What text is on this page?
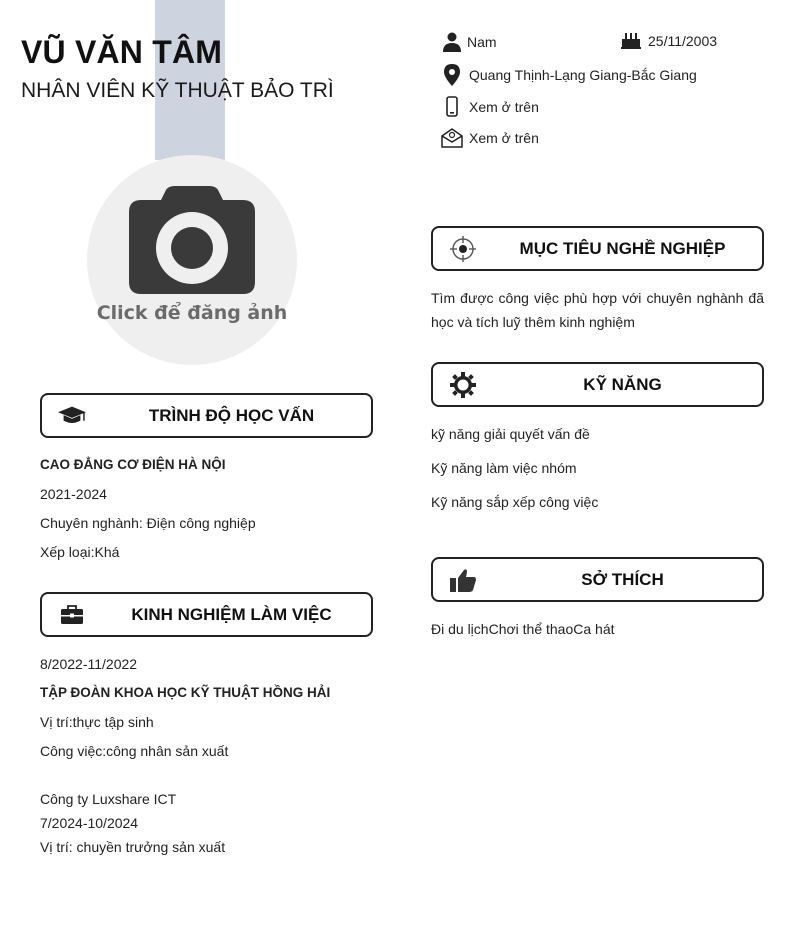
VŨ VĂN TÂM
NHÂN VIÊN KỸ THUẬT BẢO TRÌ
Click để đăng ảnh
Nam	25/11/2003
Quang Thịnh-Lạng Giang-Bắc Giang
Xem ở trên
Xem ở trên
MỤC TIÊU NGHỀ NGHIỆP
Tìm được công việc phù hợp với chuyên nghành đã học và tích luỹ thêm kinh nghiệm
KỸ NĂNG
kỹ năng giải quyết vấn đề
Kỹ năng làm việc nhóm
Kỹ năng sắp xếp công việc
SỞ THÍCH
Đi du lịchChơi thể thaoCa hát
TRÌNH ĐỘ HỌC VẤN
CAO ĐẲNG CƠ ĐIỆN HÀ NỘI
2021-2024
Chuyên nghành: Điện công nghiệp
Xếp loại:Khá
KINH NGHIỆM LÀM VIỆC
8/2022-11/2022
TẬP ĐOÀN KHOA HỌC KỸ THUẬT HỒNG HẢI
Vị trí:thực tập sinh
Công việc:công nhân sản xuất
Công ty Luxshare ICT
7/2024-10/2024
Vị trí: chuyền trưởng sản xuất
